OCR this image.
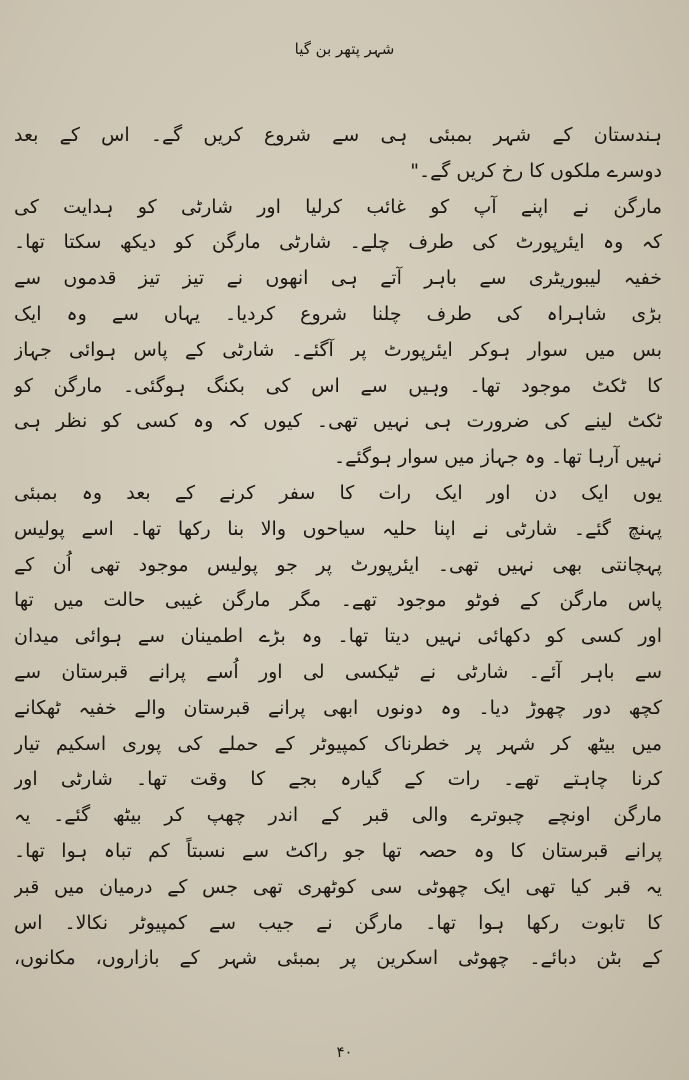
شہر پتھر بن گیا
ہندستان کے شہر بمبئی ہی سے شروع کریں گے۔ اس کے بعد
دوسرے ملکوں کا رخ کریں گے۔"
مارگن نے اپنے آپ کو غائب کرلیا اور شارٹی کو ہدایت کی
کہ وہ ایئرپورٹ کی طرف چلے۔ شارٹی مارگن کو دیکھ سکتا تھا۔
خفیہ لیبوریٹری سے باہر آتے ہی انھوں نے تیز تیز قدموں سے
بڑی شاہراہ کی طرف چلنا شروع کردیا۔ یہاں سے وہ ایک
بس میں سوار ہوکر ایئرپورٹ پر آگئے۔ شارٹی کے پاس ہوائی جہاز
کا ٹکٹ موجود تھا۔ وہیں سے اس کی بکنگ ہوگئی۔ مارگن کو
ٹکٹ لینے کی ضرورت ہی نہیں تھی۔ کیوں کہ وہ کسی کو نظر ہی
نہیں آرہا تھا۔ وہ جہاز میں سوار ہوگئے۔
یوں ایک دن اور ایک رات کا سفر کرنے کے بعد وہ بمبئی
پہنچ گئے۔ شارٹی نے اپنا حلیہ سیاحوں والا بنا رکھا تھا۔ اسے پولیس
پہچانتی بھی نہیں تھی۔ ایئرپورٹ پر جو پولیس موجود تھی اُن کے
پاس مارگن کے فوٹو موجود تھے۔ مگر مارگن غیبی حالت میں تھا
اور کسی کو دکھائی نہیں دیتا تھا۔ وہ بڑے اطمینان سے ہوائی میدان
سے باہر آئے۔ شارٹی نے ٹیکسی لی اور اُسے پرانے قبرستان سے
کچھ دور چھوڑ دیا۔ وہ دونوں ابھی پرانے قبرستان والے خفیہ ٹھکانے
میں بیٹھ کر شہر پر خطرناک کمپیوٹر کے حملے کی پوری اسکیم تیار
کرنا چاہتے تھے۔ رات کے گیارہ بجے کا وقت تھا۔ شارٹی اور
مارگن اونچے چبوترے والی قبر کے اندر چھپ کر بیٹھ گئے۔ یہ
پرانے قبرستان کا وہ حصہ تھا جو راکٹ سے نسبتاً کم تباہ ہوا تھا۔
یہ قبر کیا تھی ایک چھوٹی سی کوٹھری تھی جس کے درمیان میں قبر
کا تابوت رکھا ہوا تھا۔ مارگن نے جیب سے کمپیوٹر نکالا۔ اس
کے بٹن دبائے۔ چھوٹی اسکرین پر بمبئی شہر کے بازاروں، مکانوں،
۴۰
